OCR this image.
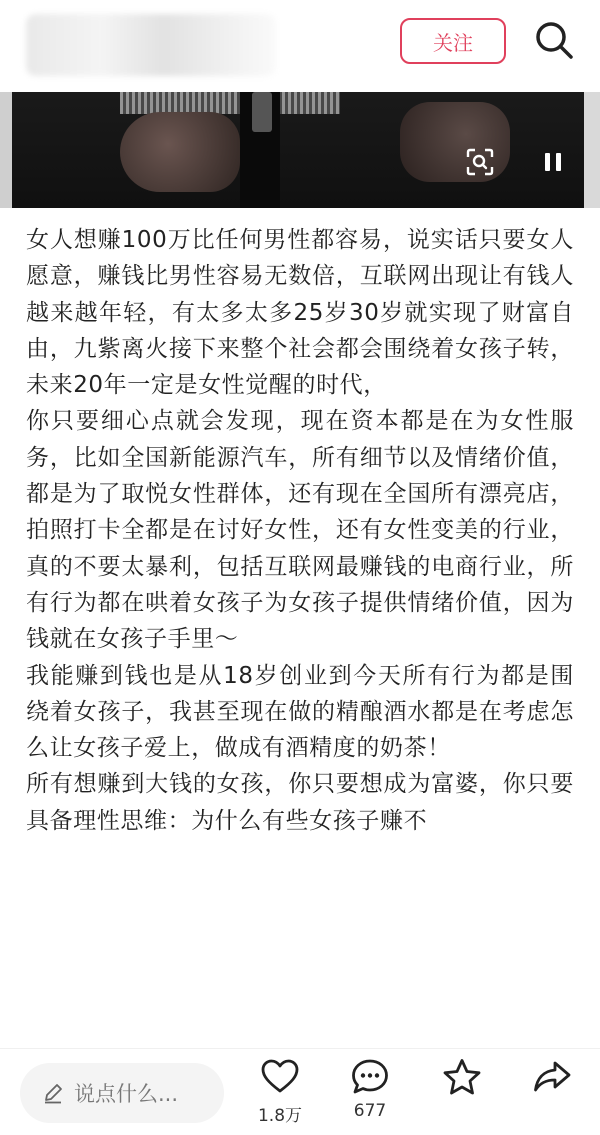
关注

女人想赚100万比任何男性都容易，说实话只要女人愿意，赚钱比男性容易无数倍，互联网出现让有钱人越来越年轻，有太多太多25岁30岁就实现了财富自由，九紫离火接下来整个社会都会围绕着女孩子转，未来20年一定是女性觉醒的时代，

你只要细心点就会发现，现在资本都是在为女性服务，比如全国新能源汽车，所有细节以及情绪价值，都是为了取悦女性群体，还有现在全国所有漂亮店，拍照打卡全都是在讨好女性，还有女性变美的行业，真的不要太暴利，包括互联网最赚钱的电商行业，所有行为都在哄着女孩子为女孩子提供情绪价值，因为钱就在女孩子手里～

我能赚到钱也是从18岁创业到今天所有行为都是围绕着女孩子，我甚至现在做的精酿酒水都是在考虑怎么让女孩子爱上，做成有酒精度的奶茶！

所有想赚到大钱的女孩，你只要想成为富婆，你只要具备理性思维：为什么有些女孩子赚不

说点什么...
1.8万	677
